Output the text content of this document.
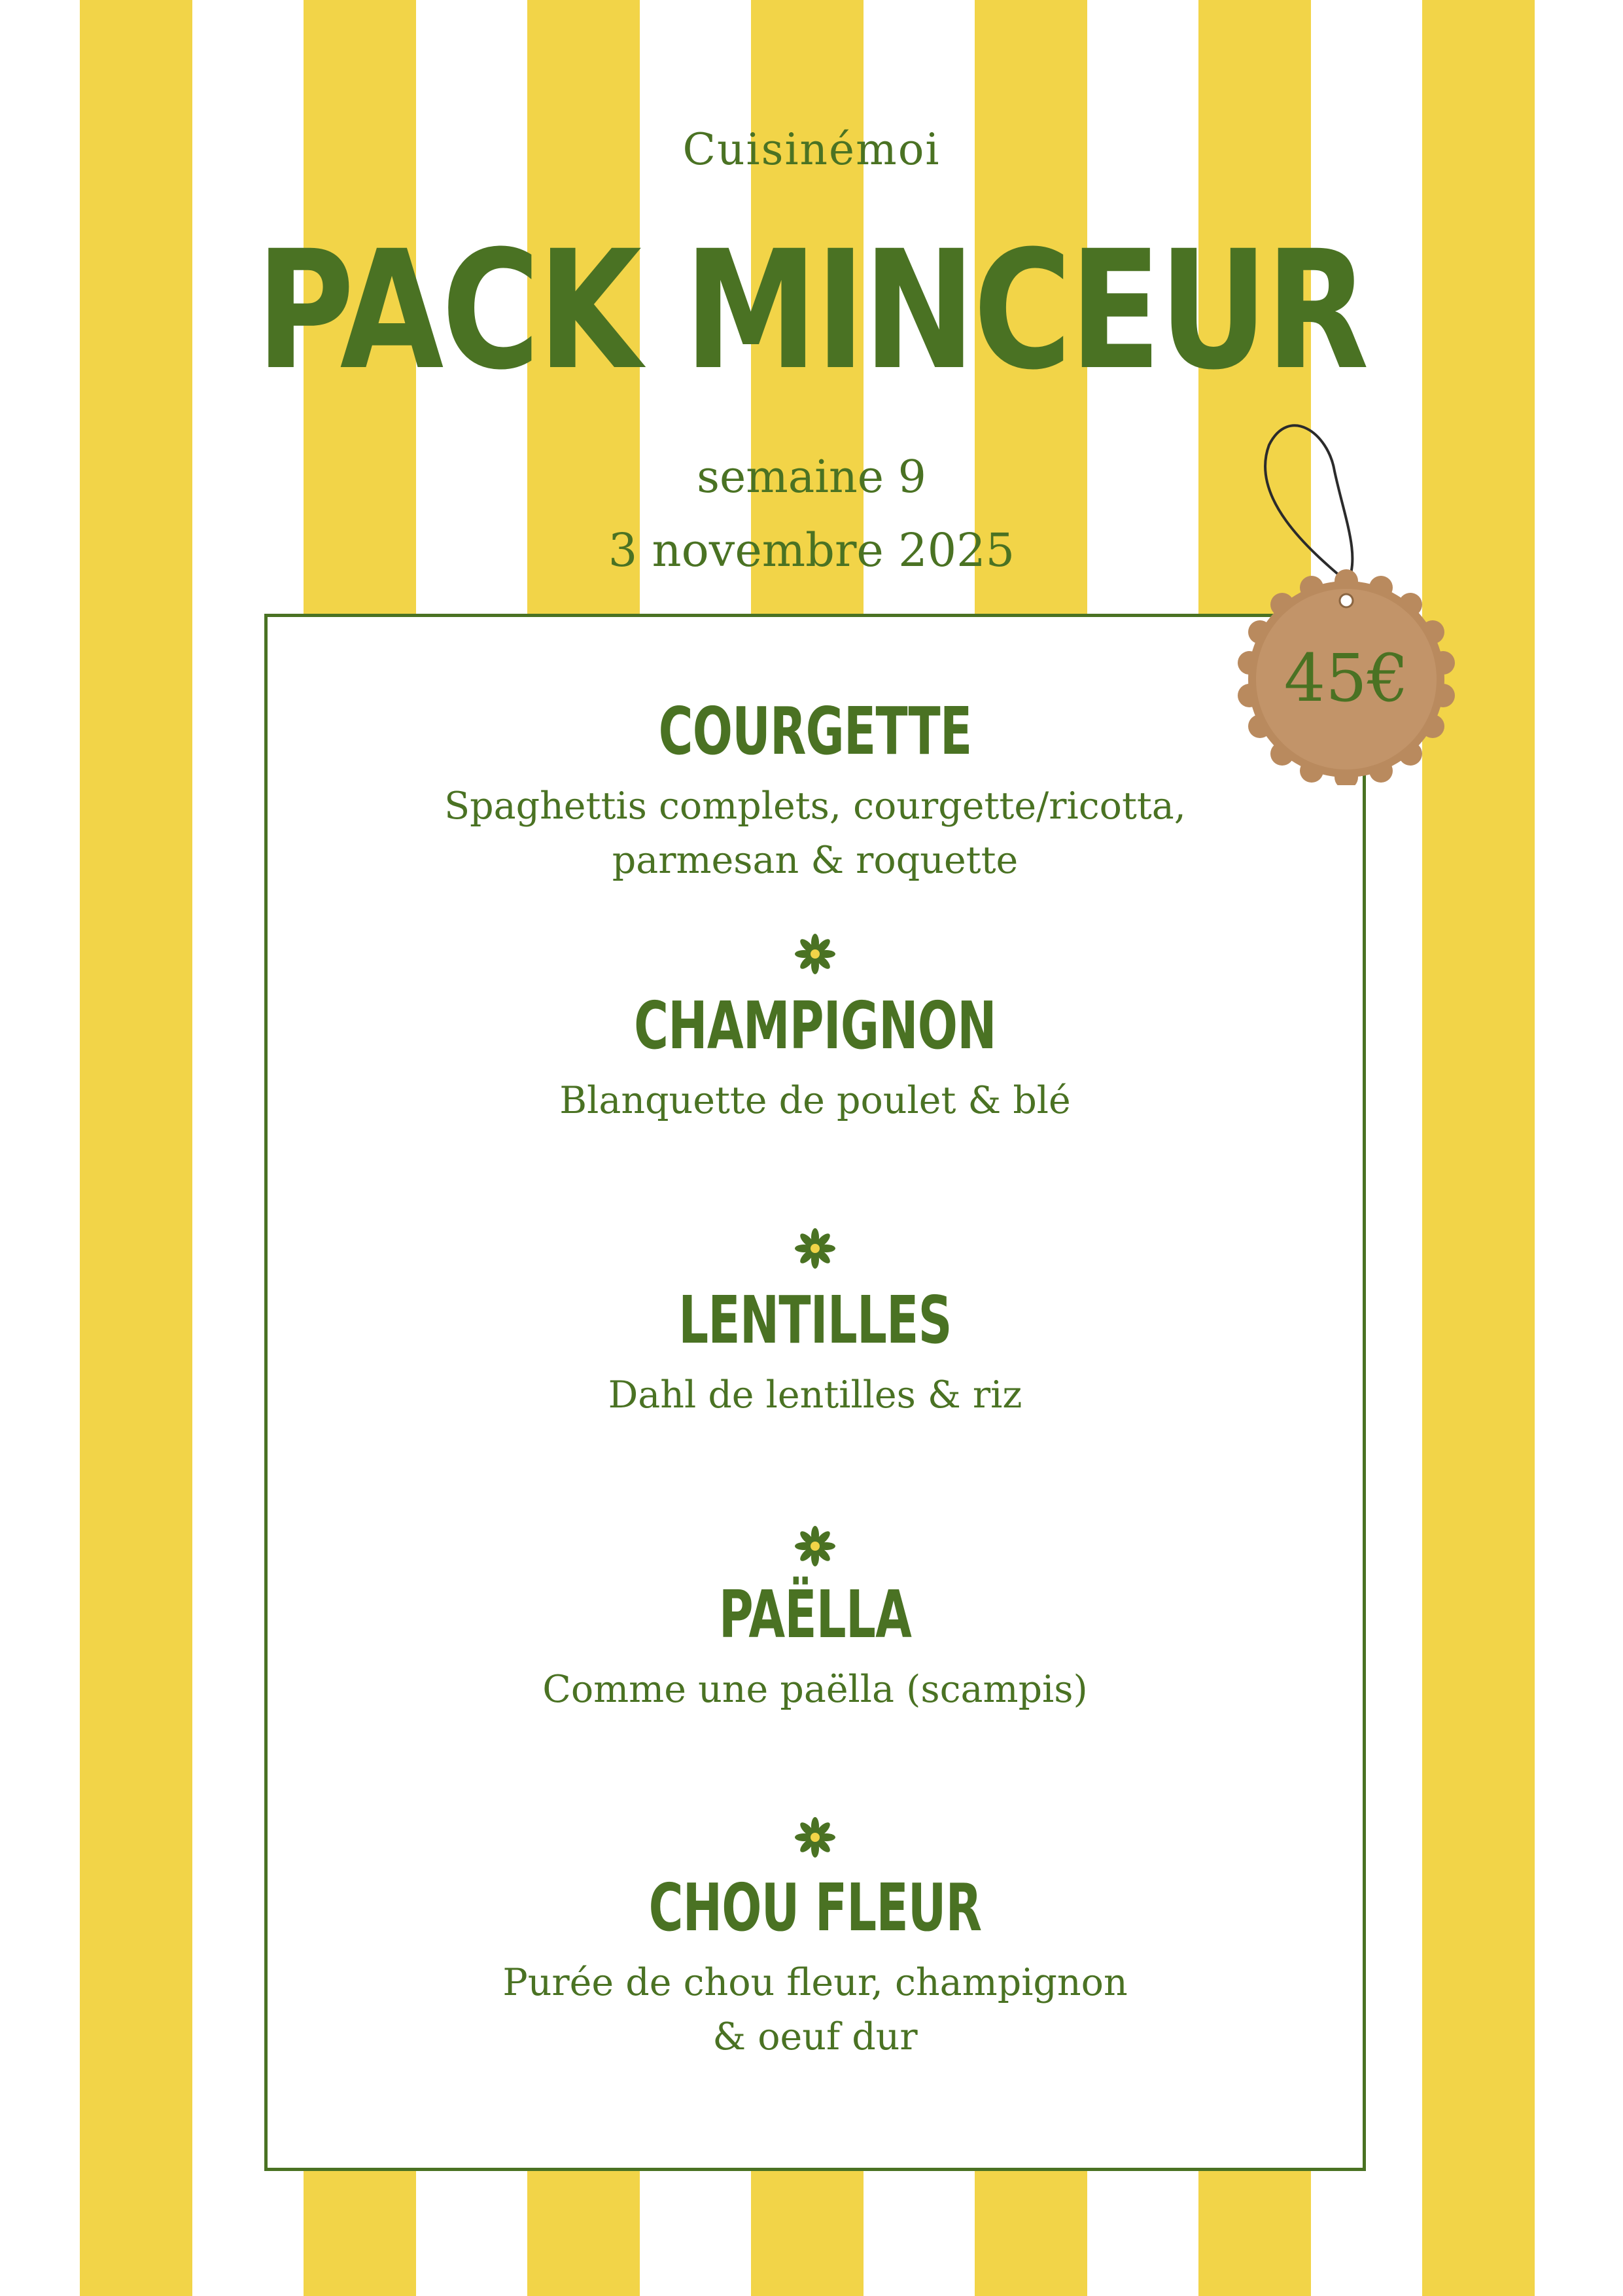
Cuisinémoi
PACK MINCEUR
semaine 9
3 novembre 2025
COURGETTE
Spaghettis complets, courgette/ricotta,
parmesan & roquette
CHAMPIGNON
Blanquette de poulet & blé
LENTILLES
Dahl de lentilles & riz
PAËLLA
Comme une paëlla (scampis)
CHOU FLEUR
Purée de chou fleur, champignon
& oeuf dur
45€
